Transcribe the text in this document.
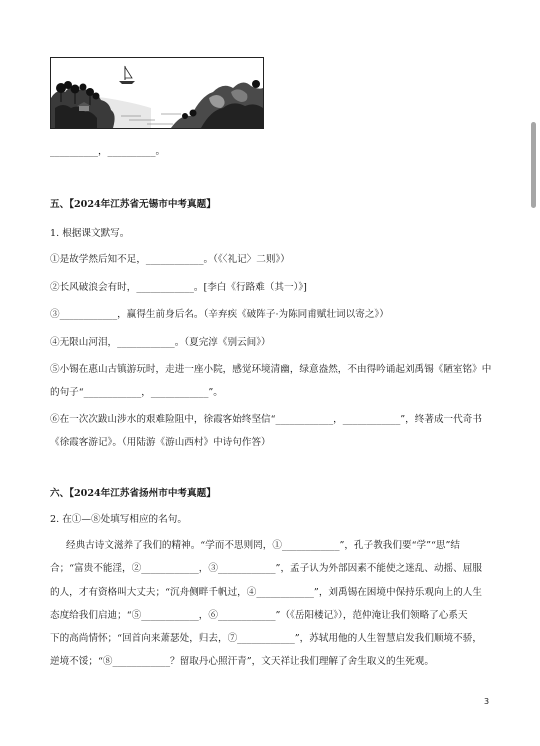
__________，__________。
五、【2024年江苏省无锡市中考真题】
1. 根据课文默写。
①是故学然后知不足，____________。（《〈礼记〉二则》）
②长风破浪会有时，____________。[李白《行路难（其一）》]
③____________，赢得生前身后名。（辛弃疾《破阵子·为陈同甫赋壮词以寄之》）
④无限山河泪，____________。（夏完淳《别云间》）
⑤小锡在惠山古镇游玩时，走进一座小院，感觉环境清幽，绿意盎然，不由得吟诵起刘禹锡《陋室铭》中
的句子“____________，____________”。
⑥在一次次跋山涉水的艰难险阻中，徐霞客始终坚信“____________，____________”，终著成一代奇书
《徐霞客游记》。（用陆游《游山西村》中诗句作答）
六、【2024年江苏省扬州市中考真题】
2. 在①—⑧处填写相应的名句。
经典古诗文滋养了我们的精神。“学而不思则罔，①____________”，孔子教我们要“学”“思”结
合；“富贵不能淫，②____________，③____________”，孟子认为外部因素不能使之迷乱、动摇、屈服
的人，才有资格叫大丈夫；“沉舟侧畔千帆过，④____________”，刘禹锡在困境中保持乐观向上的人生
态度给我们启迪；“⑤____________，⑥____________”（《岳阳楼记》），范仲淹让我们领略了心系天
下的高尚情怀；“回首向来萧瑟处，归去，⑦____________”，苏轼用他的人生智慧启发我们顺境不骄，
逆境不馁；“⑧____________？留取丹心照汗青”，文天祥让我们理解了舍生取义的生死观。
3
